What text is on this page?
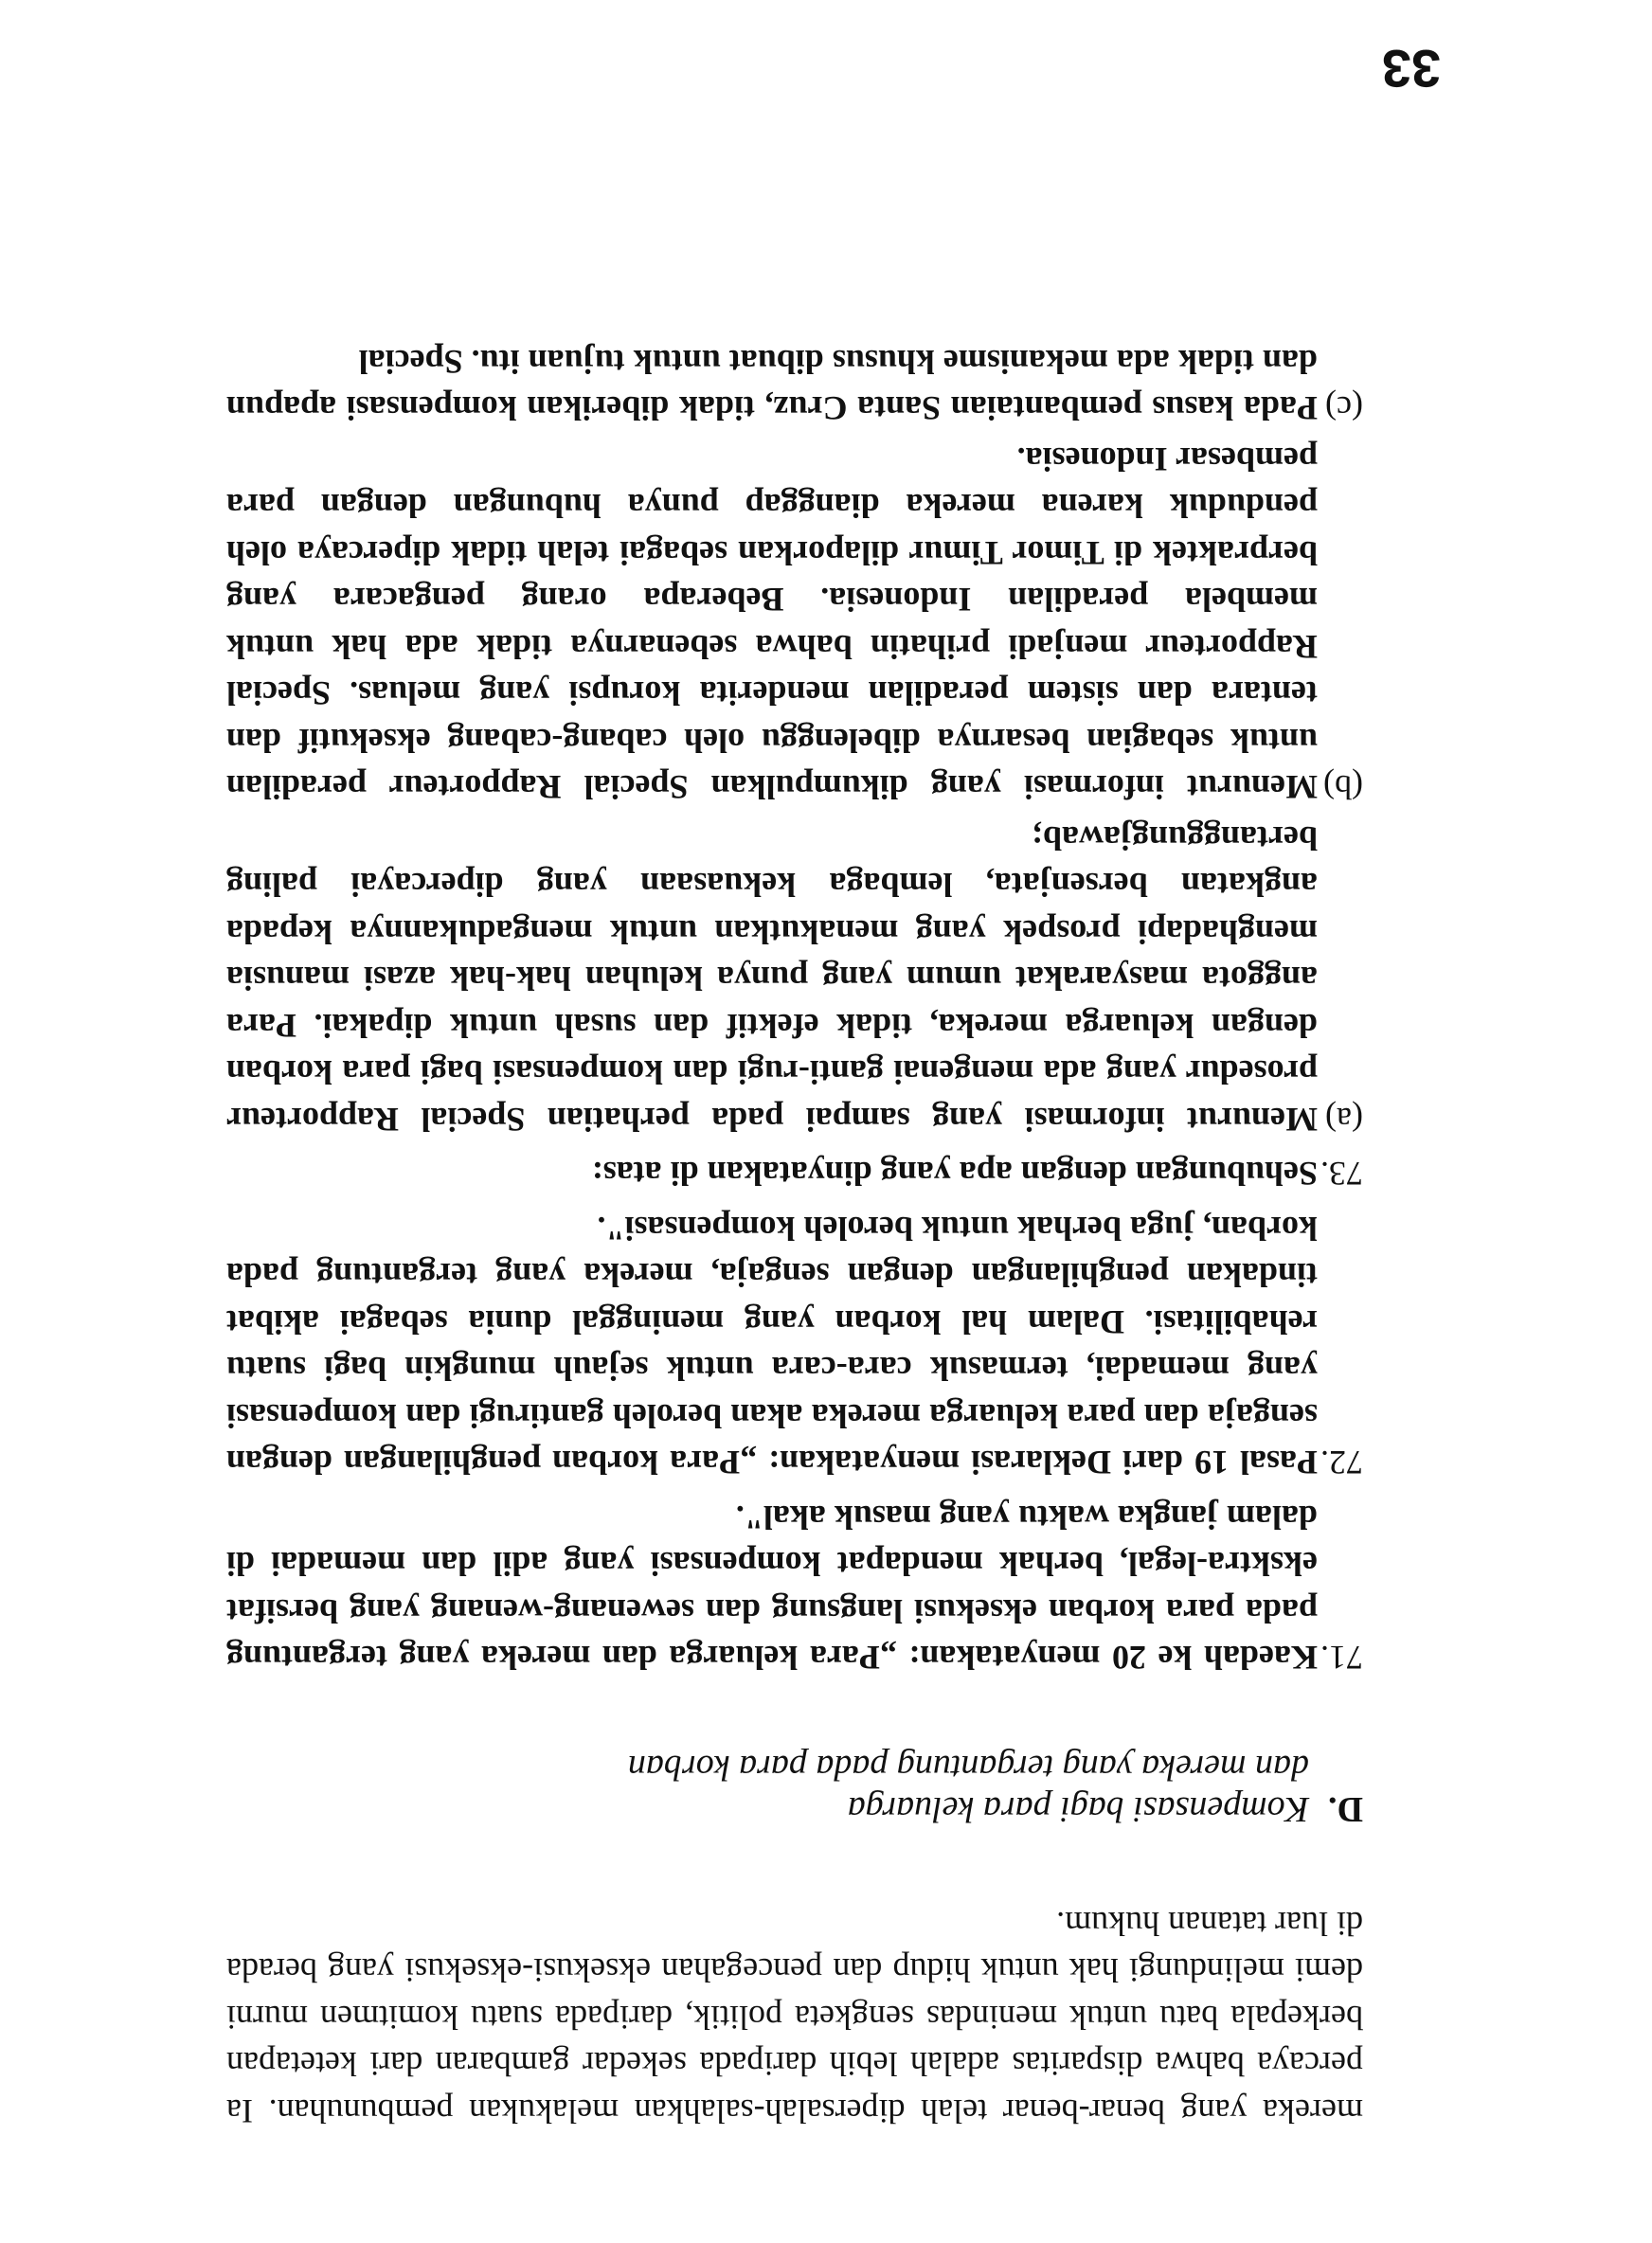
mereka yang benar-benar telah dipersalah-salahkan melakukan pembunuhan. Ia percaya bahwa disparitas adalah lebih daripada sekedar gambaran dari ketetapan berkepala batu untuk menindas sengketa politik, daripada suatu komitmen murni demi melindungi hak untuk hidup dan pencegahan eksekusi-eksekusi yang berada di luar tatanan hukum.

D.
Kompensasi bagi para keluarga
dan mereka yang tergantung pada para korban
71.

Kaedah ke 20 menyatakan: „Para keluarga dan mereka yang tergantung pada para korban eksekusi langsung dan sewenang-wenang yang bersifat eksktra-legal, berhak mendapat kompensasi yang adil dan memadai di dalam jangka waktu yang masuk akal".

72.

Pasal 19 dari Deklarasi menyatakan: „Para korban penghilangan dengan sengaja dan para keluarga mereka akan beroleh gantirugi dan kompensasi yang memadai, termasuk cara-cara untuk sejauh mungkin bagi suatu rehabilitasi. Dalam hal korban yang meninggal dunia sebagai akibat tindakan penghilangan dengan sengaja, mereka yang tergantung pada korban, juga berhak untuk beroleh kompensasi".

73.

Sehubungan dengan apa yang dinyatakan di atas:

(a)

Menurut informasi yang sampai pada perhatian Special Rapporteur prosedur yang ada mengenai ganti-rugi dan kompensasi bagi para korban dengan keluarga mereka, tidak efektif dan susah untuk dipakai. Para anggota masyarakat umum yang punya keluhan hak-hak azasi manusia menghadapi prospek yang menakutkan untuk mengadukannya kepada angkatan bersenjata, lembaga kekuasaan yang dipercayai paling bertanggungjawab;

(b)

Menurut informasi yang dikumpulkan Special Rapporteur peradilan untuk sebagian besarnya dibelenggu oleh cabang-cabang eksekutif dan tentara dan sistem peradilan menderita korupsi yang meluas. Special Rapporteur menjadi prihatin bahwa sebenarnya tidak ada hak untuk membela peradilan Indonesia. Beberapa orang pengacara yang berpraktek di Timor Timur dilaporkan sebagai telah tidak dipercaya oleh penduduk karena mereka dianggap punya hubungan dengan para pembesar Indonesia.

(c)

Pada kasus pembantaian Santa Cruz, tidak diberikan kompensasi apapun dan tidak ada mekanisme khusus dibuat untuk tujuan itu. Special

33
